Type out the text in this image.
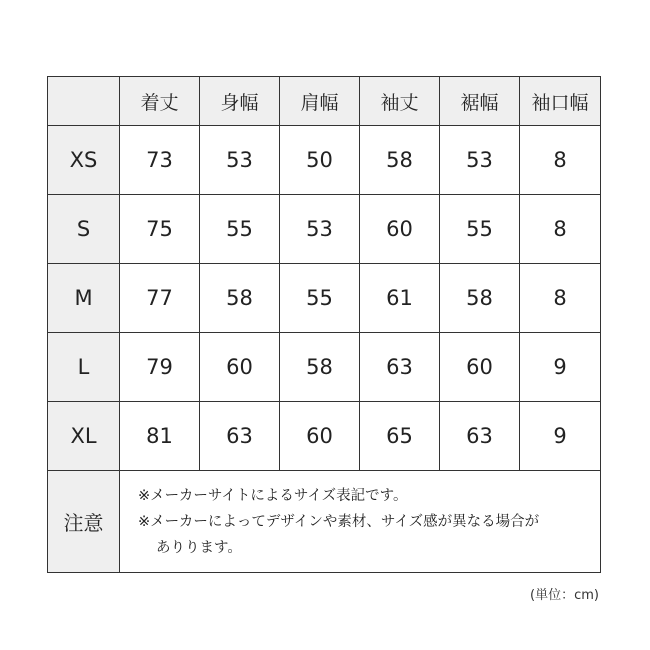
	着丈	身幅	肩幅	袖丈	裾幅	袖口幅
XS	73	53	50	58	53	8
S	75	55	53	60	55	8
M	77	58	55	61	58	8
L	79	60	58	63	60	9
XL	81	63	60	65	63	9
注意	※メーカーサイトによるサイズ表記です。
※メーカーによってデザインや素材、サイズ感が異なる場合が
ありります。					
(単位：cm)
